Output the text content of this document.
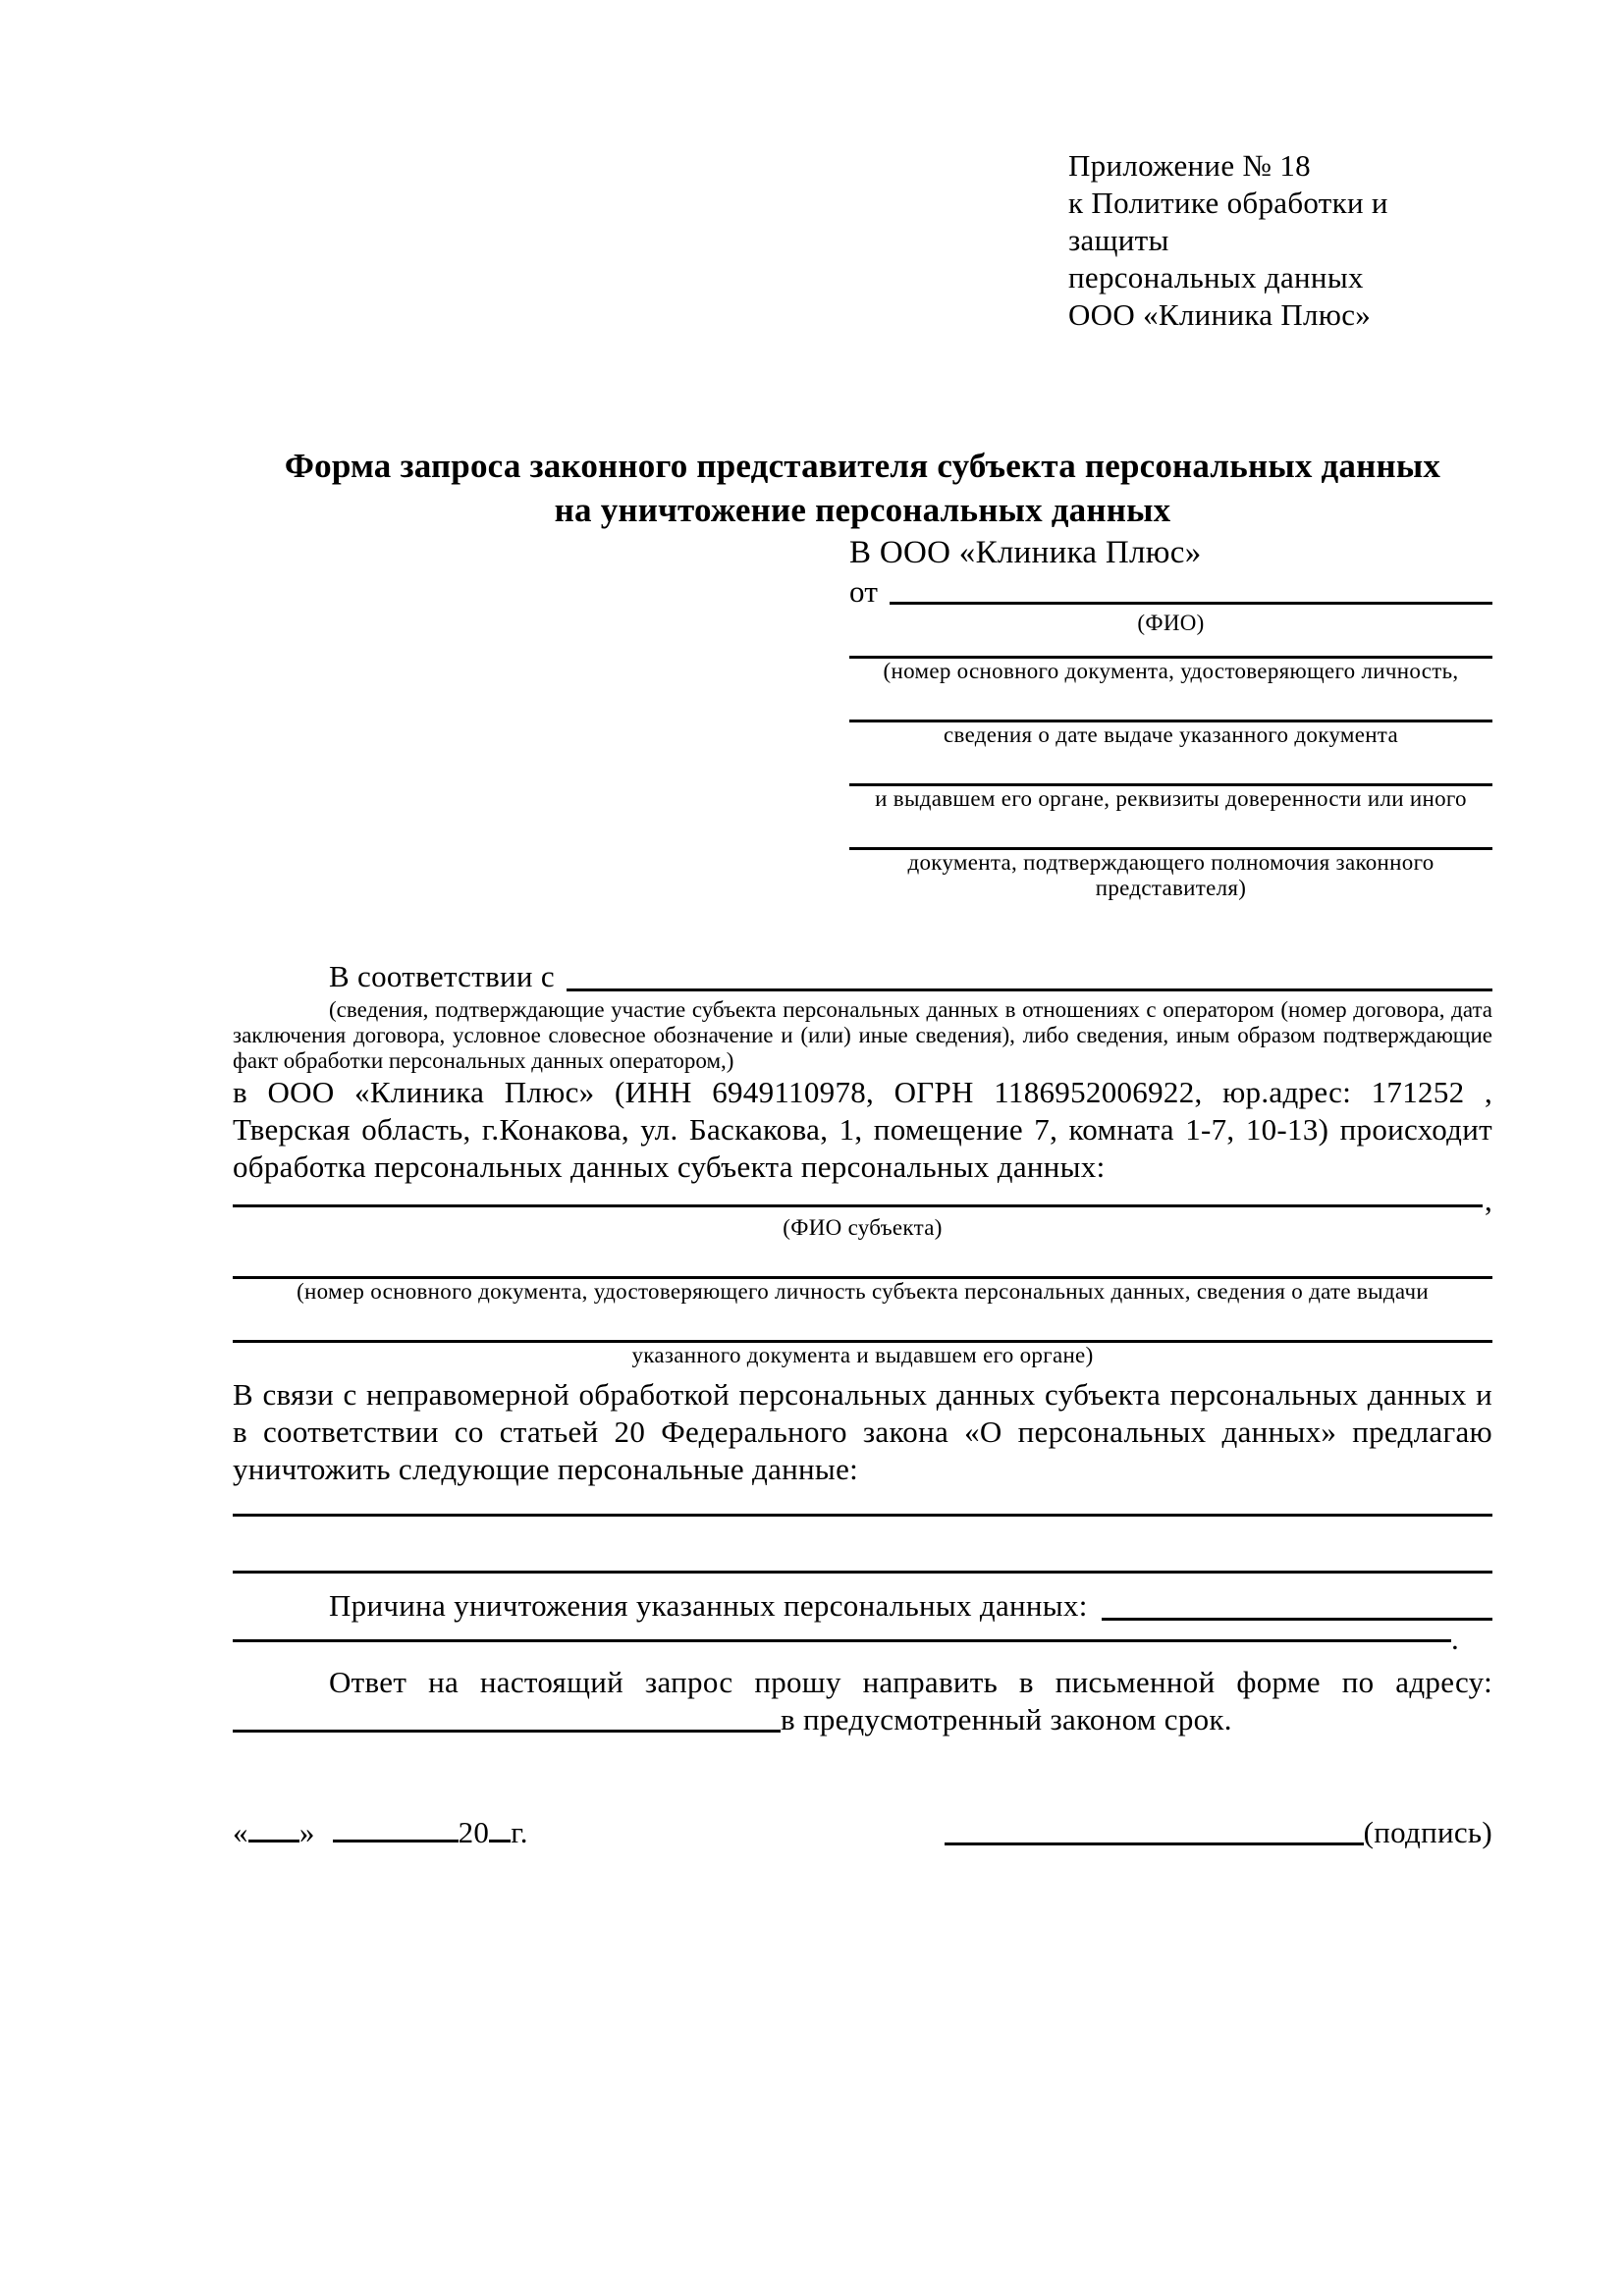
Приложение № 18
к Политике обработки и защиты
персональных данных
ООО «Клиника Плюс»
Форма запроса законного представителя субъекта персональных данных
на уничтожение персональных данных
В ООО «Клиника Плюс»
от
(ФИО)
(номер основного документа, удостоверяющего личность,
сведения о дате выдаче указанного документа
и выдавшем его органе, реквизиты доверенности или иного
документа, подтверждающего полномочия законного представителя)
В соответствии с
(сведения, подтверждающие участие субъекта персональных данных в отношениях с оператором (номер договора, дата заключения договора, условное словесное обозначение и (или) иные сведения), либо сведения, иным образом подтверждающие факт обработки персональных данных оператором,)
в ООО «Клиника Плюс» (ИНН 6949110978, ОГРН 1186952006922, юр.адрес: 171252 , Тверская область, г.Конакова, ул. Баскакова, 1, помещение 7, комната 1-7, 10-13) происходит обработка персональных данных субъекта персональных данных:
,
(ФИО субъекта)
(номер основного документа, удостоверяющего личность субъекта персональных данных, сведения о дате выдачи
указанного документа и выдавшем его органе)
В связи с неправомерной обработкой персональных данных субъекта персональных данных и в соответствии со статьей 20 Федерального закона «О персональных данных» предлагаю уничтожить следующие персональные данные:
Причина уничтожения указанных персональных данных:
.
Ответ на настоящий запрос прошу направить в письменной форме по адресу:
в предусмотренный законом срок.
« »	20 г.	(подпись)
